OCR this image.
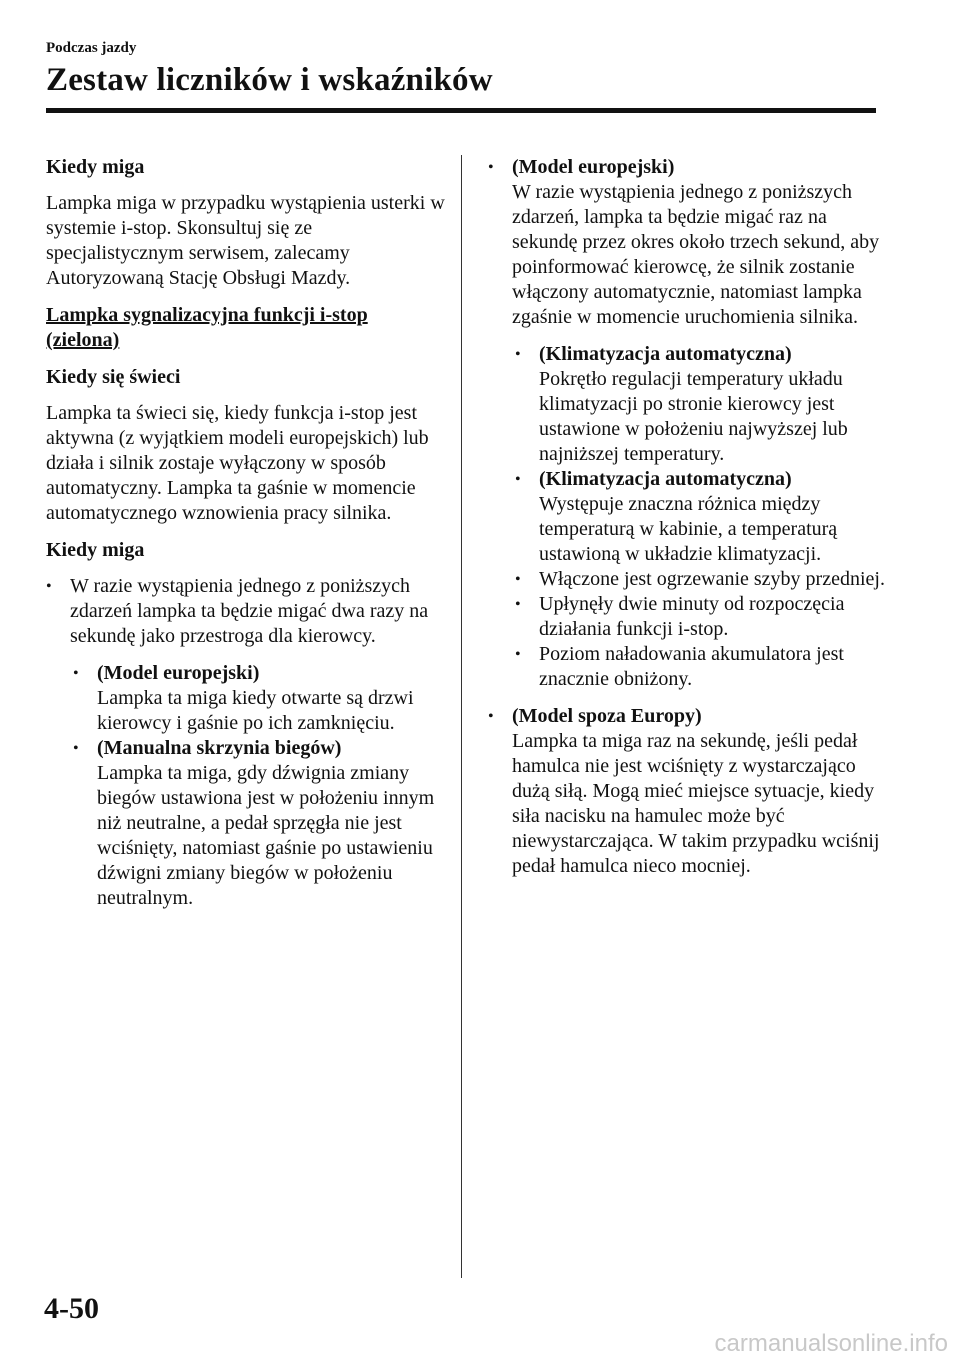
Podczas jazdy
Zestaw liczników i wskaźników
Kiedy miga
Lampka miga w przypadku wystąpienia usterki w systemie i-stop. Skonsultuj się ze specjalistycznym serwisem, zalecamy Autoryzowaną Stację Obsługi Mazdy.
Lampka sygnalizacyjna funkcji i-stop
(zielona)
Kiedy się świeci
Lampka ta świeci się, kiedy funkcja i-stop jest aktywna (z wyjątkiem modeli europejskich) lub działa i silnik zostaje wyłączony w sposób automatyczny. Lampka ta gaśnie w momencie automatycznego wznowienia pracy silnika.
Kiedy miga
• W razie wystąpienia jednego z poniższych zdarzeń lampka ta będzie migać dwa razy na sekundę jako przestroga dla kierowcy.
• (Model europejski)
Lampka ta miga kiedy otwarte są drzwi kierowcy i gaśnie po ich zamknięciu.
• (Manualna skrzynia biegów)
Lampka ta miga, gdy dźwignia zmiany biegów ustawiona jest w położeniu innym niż neutralne, a pedał sprzęgła nie jest wciśnięty, natomiast gaśnie po ustawieniu dźwigni zmiany biegów w położeniu neutralnym.
• (Model europejski)
W razie wystąpienia jednego z poniższych zdarzeń, lampka ta będzie migać raz na sekundę przez okres około trzech sekund, aby poinformować kierowcę, że silnik zostanie włączony automatycznie, natomiast lampka zgaśnie w momencie uruchomienia silnika.
• (Klimatyzacja automatyczna)
Pokrętło regulacji temperatury układu klimatyzacji po stronie kierowcy jest ustawione w położeniu najwyższej lub najniższej temperatury.
• (Klimatyzacja automatyczna)
Występuje znaczna różnica między temperaturą w kabinie, a temperaturą ustawioną w układzie klimatyzacji.
• Włączone jest ogrzewanie szyby przedniej.
• Upłynęły dwie minuty od rozpoczęcia działania funkcji i-stop.
• Poziom naładowania akumulatora jest znacznie obniżony.
• (Model spoza Europy)
Lampka ta miga raz na sekundę, jeśli pedał hamulca nie jest wciśnięty z wystarczająco dużą siłą. Mogą mieć miejsce sytuacje, kiedy siła nacisku na hamulec może być niewystarczająca. W takim przypadku wciśnij pedał hamulca nieco mocniej.
4-50
carmanualsonline.info
